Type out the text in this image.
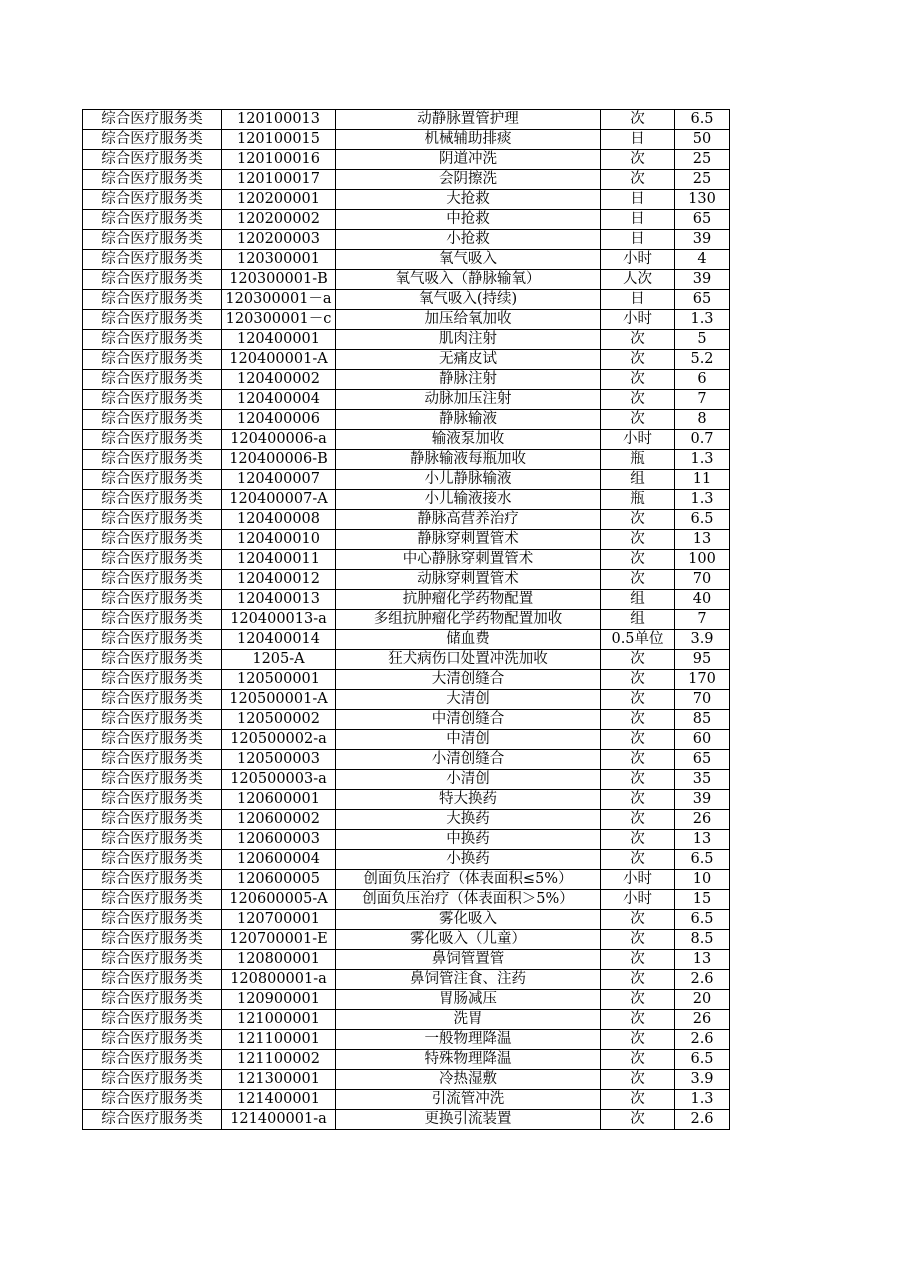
综合医疗服务类	120100013	动静脉置管护理	次	6.5
综合医疗服务类	120100015	机械辅助排痰	日	50
综合医疗服务类	120100016	阴道冲洗	次	25
综合医疗服务类	120100017	会阴擦洗	次	25
综合医疗服务类	120200001	大抢救	日	130
综合医疗服务类	120200002	中抢救	日	65
综合医疗服务类	120200003	小抢救	日	39
综合医疗服务类	120300001	氧气吸入	小时	4
综合医疗服务类	120300001-B	氧气吸入（静脉输氧）	人次	39
综合医疗服务类	120300001－a	氧气吸入(持续)	日	65
综合医疗服务类	120300001－c	加压给氧加收	小时	1.3
综合医疗服务类	120400001	肌肉注射	次	5
综合医疗服务类	120400001-A	无痛皮试	次	5.2
综合医疗服务类	120400002	静脉注射	次	6
综合医疗服务类	120400004	动脉加压注射	次	7
综合医疗服务类	120400006	静脉输液	次	8
综合医疗服务类	120400006-a	输液泵加收	小时	0.7
综合医疗服务类	120400006-B	静脉输液每瓶加收	瓶	1.3
综合医疗服务类	120400007	小儿静脉输液	组	11
综合医疗服务类	120400007-A	小儿输液接水	瓶	1.3
综合医疗服务类	120400008	静脉高营养治疗	次	6.5
综合医疗服务类	120400010	静脉穿刺置管术	次	13
综合医疗服务类	120400011	中心静脉穿刺置管术	次	100
综合医疗服务类	120400012	动脉穿刺置管术	次	70
综合医疗服务类	120400013	抗肿瘤化学药物配置	组	40
综合医疗服务类	120400013-a	多组抗肿瘤化学药物配置加收	组	7
综合医疗服务类	120400014	储血费	0.5单位	3.9
综合医疗服务类	1205-A	狂犬病伤口处置冲洗加收	次	95
综合医疗服务类	120500001	大清创缝合	次	170
综合医疗服务类	120500001-A	大清创	次	70
综合医疗服务类	120500002	中清创缝合	次	85
综合医疗服务类	120500002-a	中清创	次	60
综合医疗服务类	120500003	小清创缝合	次	65
综合医疗服务类	120500003-a	小清创	次	35
综合医疗服务类	120600001	特大换药	次	39
综合医疗服务类	120600002	大换药	次	26
综合医疗服务类	120600003	中换药	次	13
综合医疗服务类	120600004	小换药	次	6.5
综合医疗服务类	120600005	创面负压治疗（体表面积≤5%）	小时	10
综合医疗服务类	120600005-A	创面负压治疗（体表面积＞5%）	小时	15
综合医疗服务类	120700001	雾化吸入	次	6.5
综合医疗服务类	120700001-E	雾化吸入（儿童）	次	8.5
综合医疗服务类	120800001	鼻饲管置管	次	13
综合医疗服务类	120800001-a	鼻饲管注食、注药	次	2.6
综合医疗服务类	120900001	胃肠减压	次	20
综合医疗服务类	121000001	洗胃	次	26
综合医疗服务类	121100001	一般物理降温	次	2.6
综合医疗服务类	121100002	特殊物理降温	次	6.5
综合医疗服务类	121300001	冷热湿敷	次	3.9
综合医疗服务类	121400001	引流管冲洗	次	1.3
综合医疗服务类	121400001-a	更换引流装置	次	2.6
